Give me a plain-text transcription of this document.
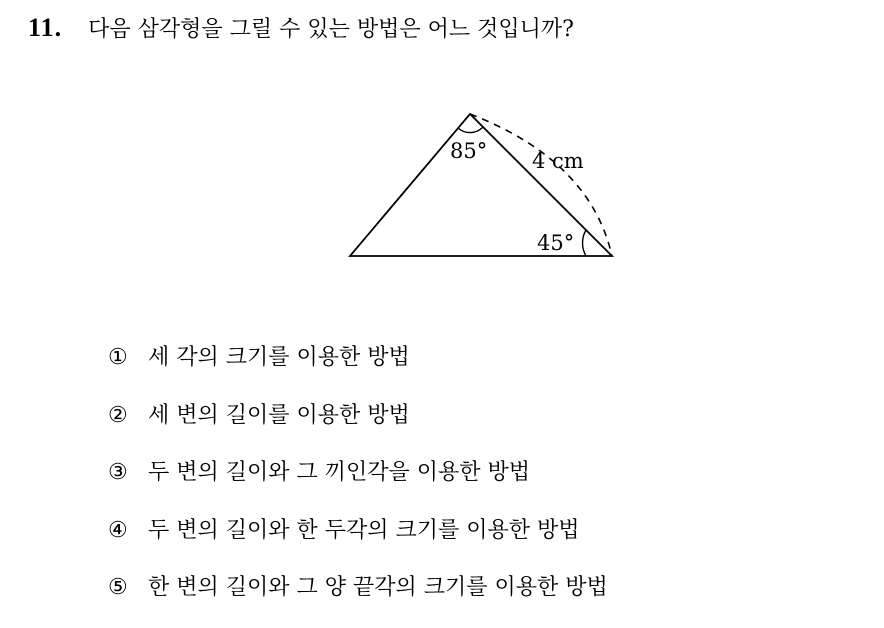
11. 다음 삼각형을 그릴 수 있는 방법은 어느 것입니까?
85° 4 cm
45°
① 세 각의 크기를 이용한 방법
② 세 변의 길이를 이용한 방법
③ 두 변의 길이와 그 끼인각을 이용한 방법
④ 두 변의 길이와 한 두각의 크기를 이용한 방법
⑤ 한 변의 길이와 그 양 끝각의 크기를 이용한 방법
